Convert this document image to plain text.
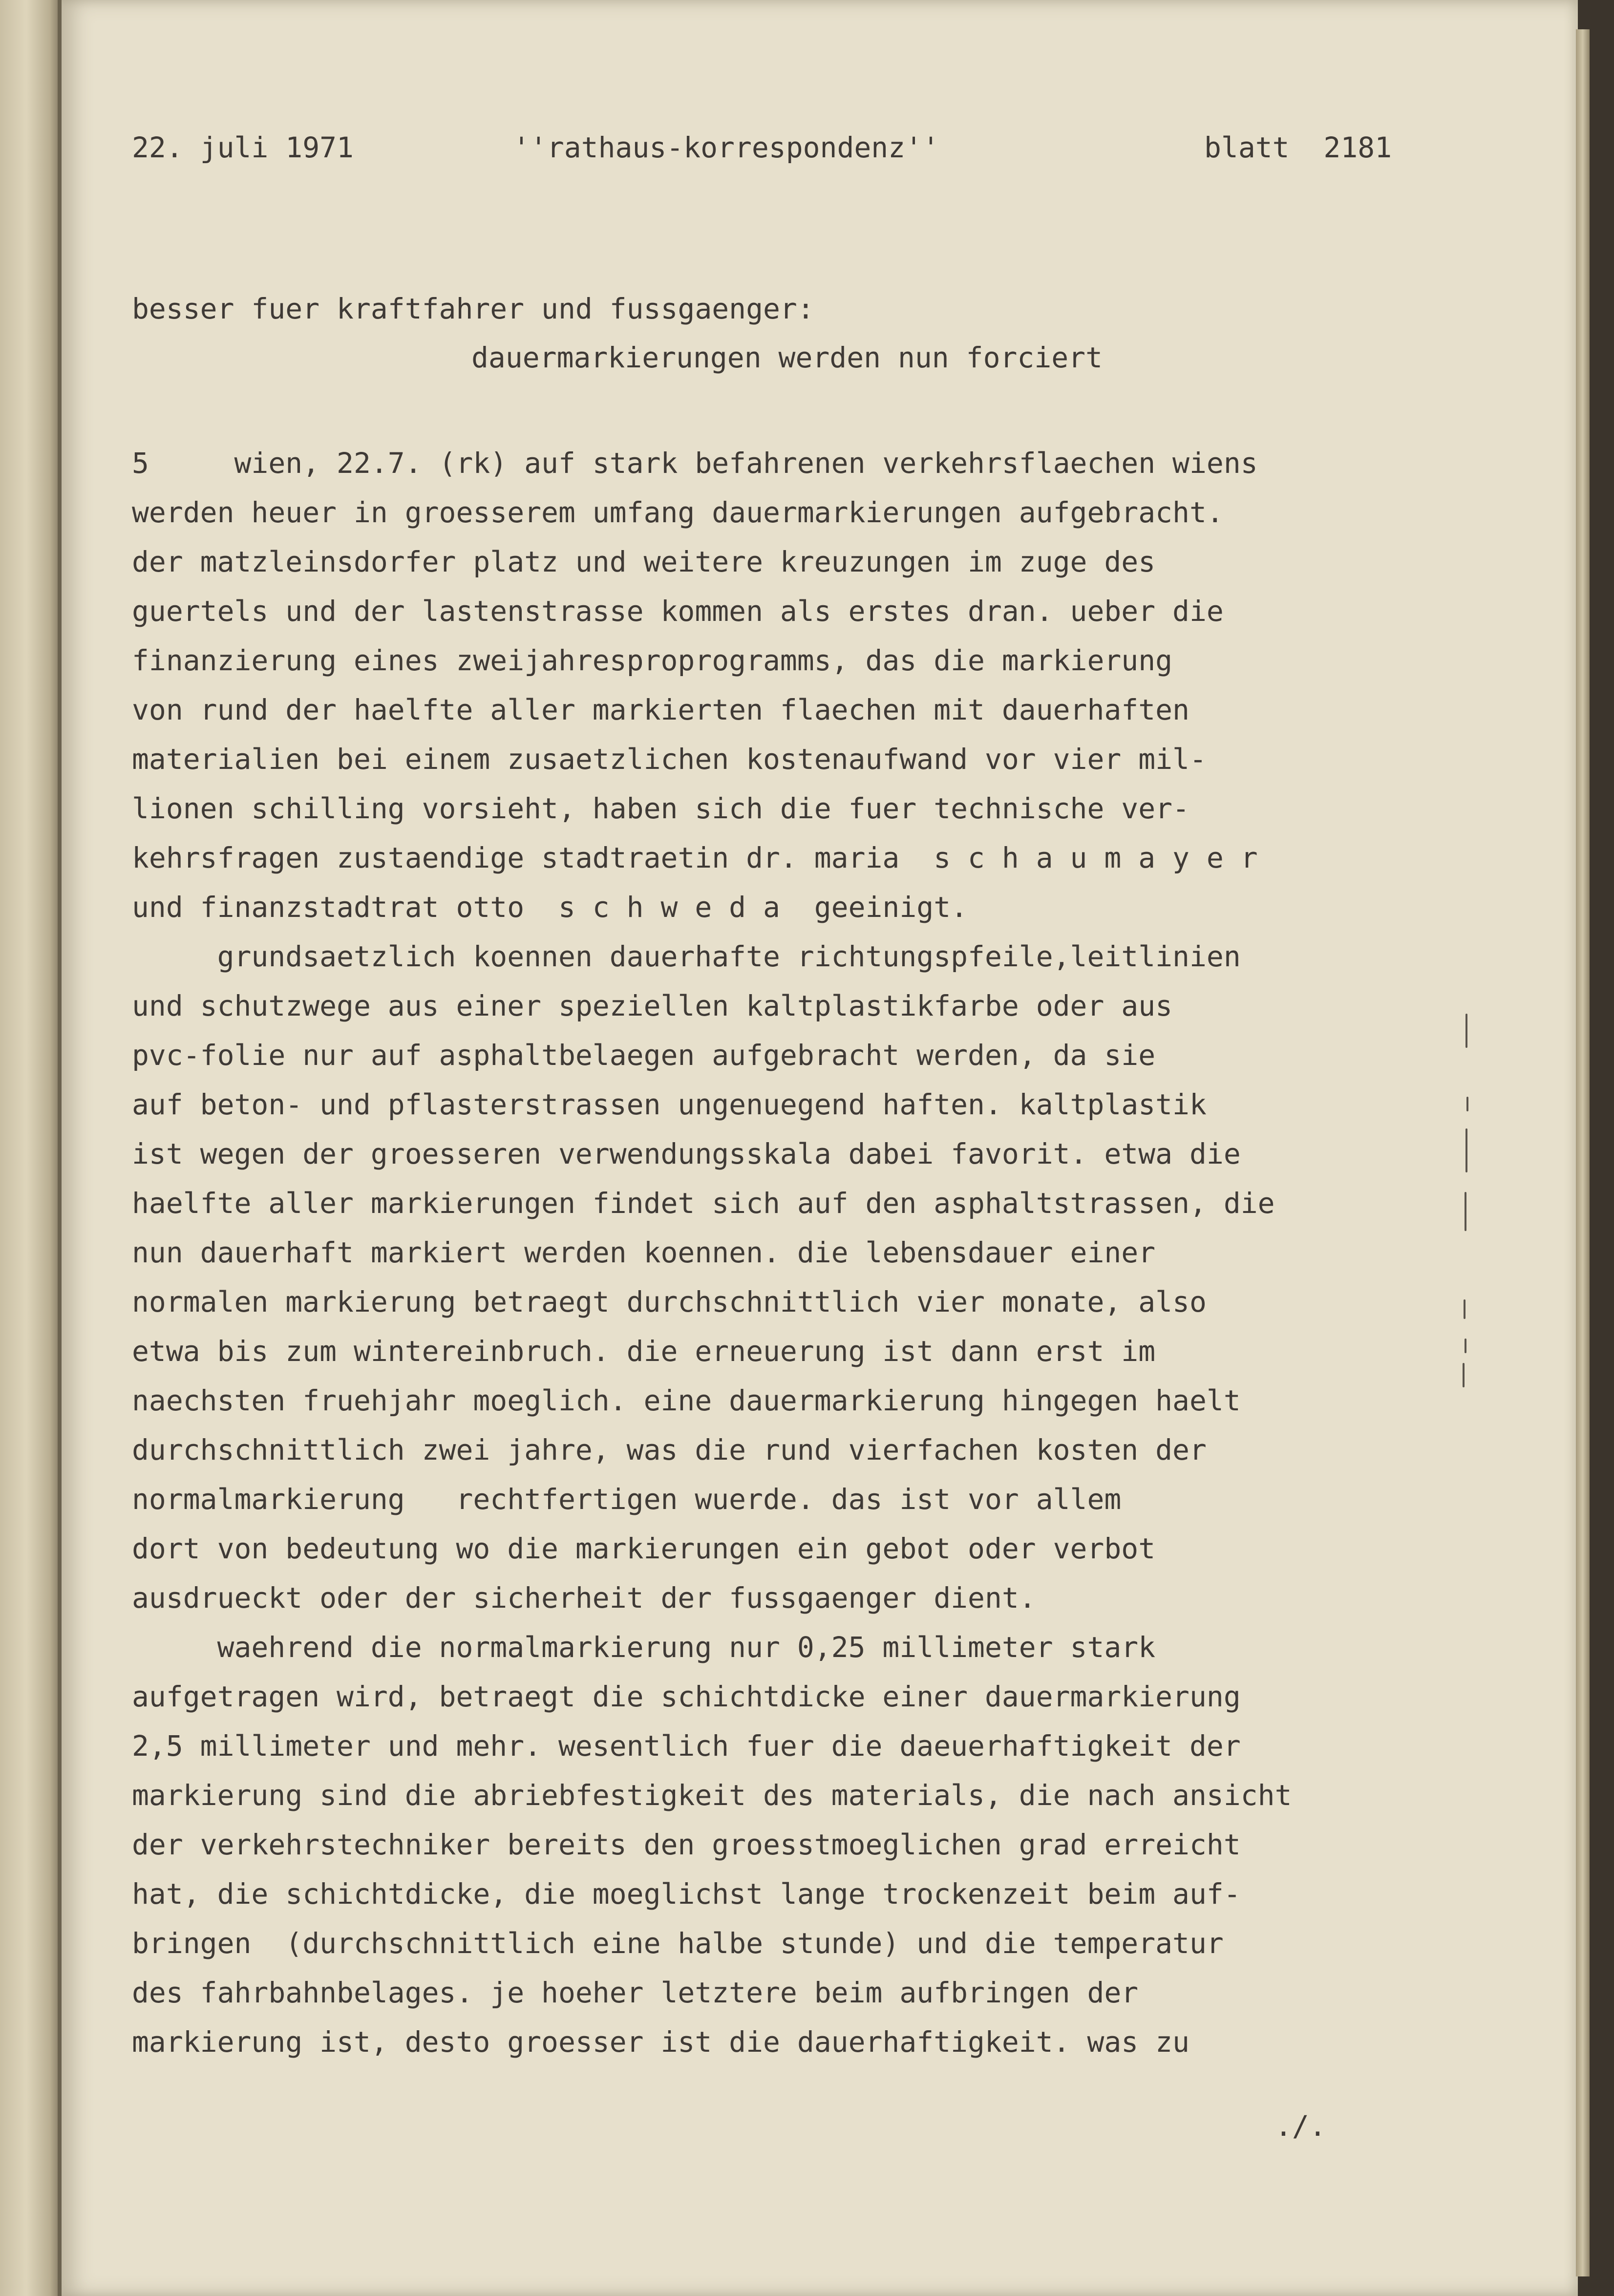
22. juli 1971

	''rathaus-korrespondenz''

	blatt  2181

besser fuer kraftfahrer und fussgaenger:
dauermarkierungen werden nun forciert
5     wien, 22.7. (rk) auf stark befahrenen verkehrsflaechen wiens
werden heuer in groesserem umfang dauermarkierungen aufgebracht.
der matzleinsdorfer platz und weitere kreuzungen im zuge des
guertels und der lastenstrasse kommen als erstes dran. ueber die
finanzierung eines zweijahresproprogramms, das die markierung
von rund der haelfte aller markierten flaechen mit dauerhaften
materialien bei einem zusaetzlichen kostenaufwand vor vier mil-
lionen schilling vorsieht, haben sich die fuer technische ver-
kehrsfragen zustaendige stadtraetin dr. maria  s c h a u m a y e r
und finanzstadtrat otto  s c h w e d a  geeinigt.
grundsaetzlich koennen dauerhafte richtungspfeile,leitlinien
und schutzwege aus einer speziellen kaltplastikfarbe oder aus
pvc-folie nur auf asphaltbelaegen aufgebracht werden, da sie
auf beton- und pflasterstrassen ungenuegend haften. kaltplastik
ist wegen der groesseren verwendungsskala dabei favorit. etwa die
haelfte aller markierungen findet sich auf den asphaltstrassen, die
nun dauerhaft markiert werden koennen. die lebensdauer einer
normalen markierung betraegt durchschnittlich vier monate, also
etwa bis zum wintereinbruch. die erneuerung ist dann erst im
naechsten fruehjahr moeglich. eine dauermarkierung hingegen haelt
durchschnittlich zwei jahre, was die rund vierfachen kosten der
normalmarkierung   rechtfertigen wuerde. das ist vor allem
dort von bedeutung wo die markierungen ein gebot oder verbot
ausdrueckt oder der sicherheit der fussgaenger dient.
waehrend die normalmarkierung nur 0,25 millimeter stark
aufgetragen wird, betraegt die schichtdicke einer dauermarkierung
2,5 millimeter und mehr. wesentlich fuer die daeuerhaftigkeit der
markierung sind die abriebfestigkeit des materials, die nach ansicht
der verkehrstechniker bereits den groesstmoeglichen grad erreicht
hat, die schichtdicke, die moeglichst lange trockenzeit beim auf-
bringen  (durchschnittlich eine halbe stunde) und die temperatur
des fahrbahnbelages. je hoeher letztere beim aufbringen der
markierung ist, desto groesser ist die dauerhaftigkeit. was zu
./.
